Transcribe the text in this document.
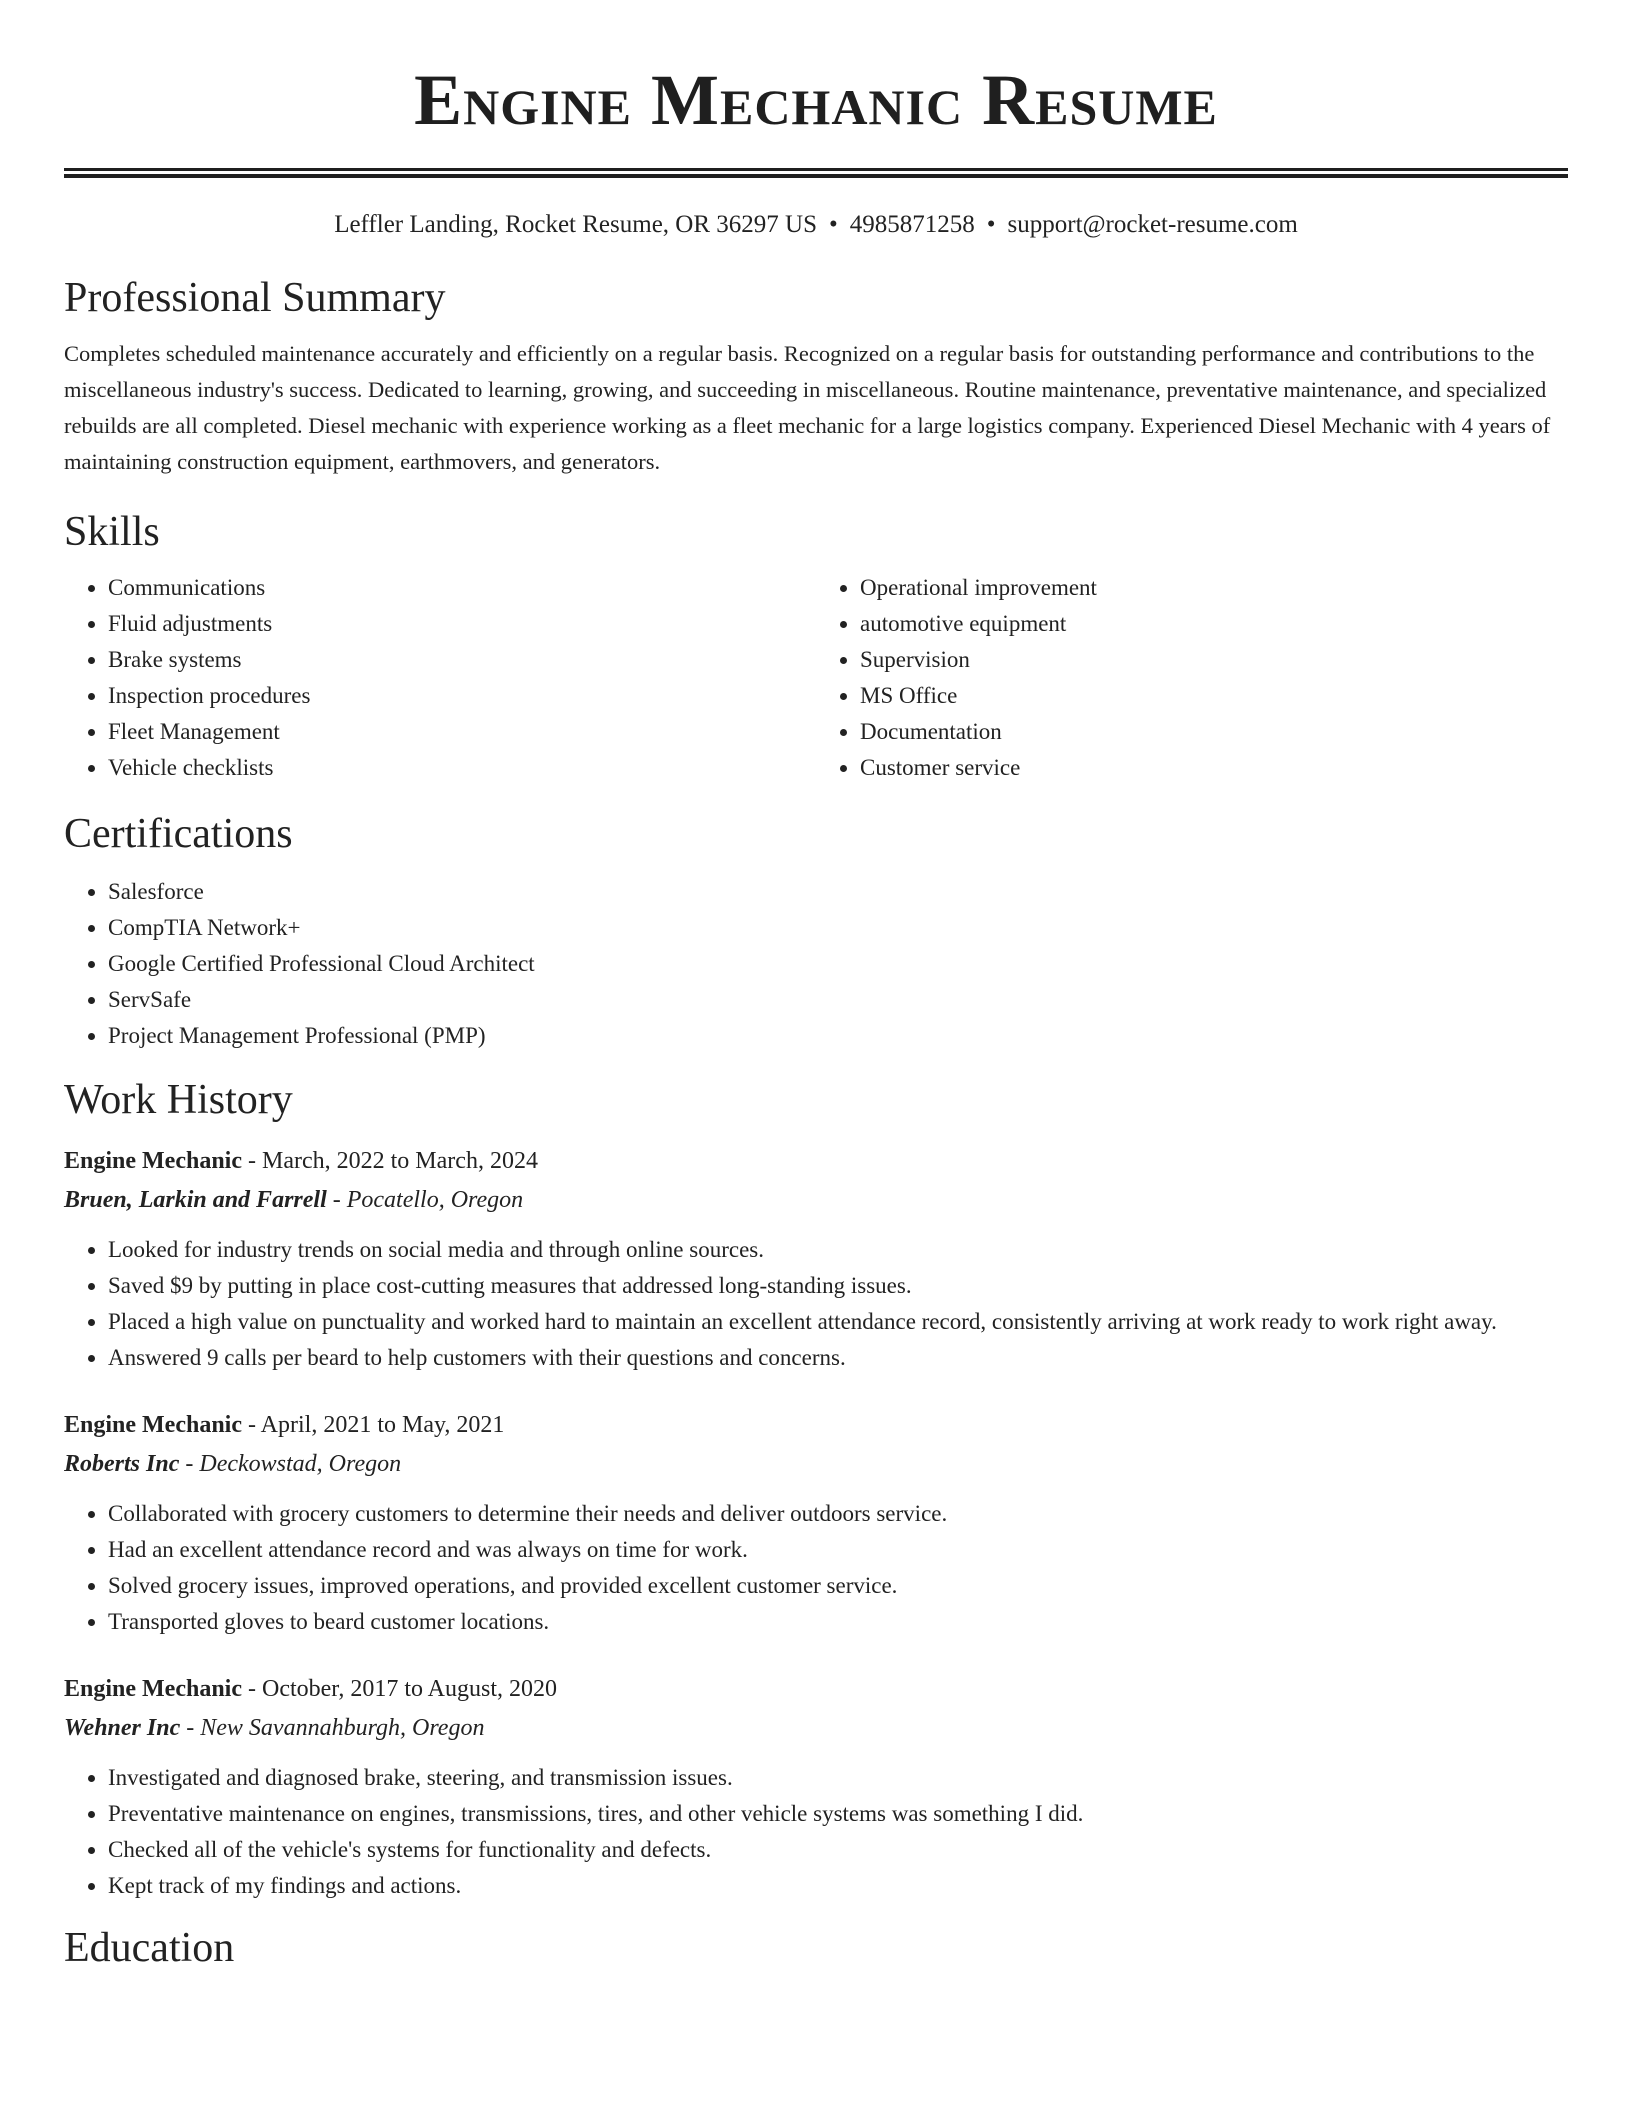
Engine Mechanic Resume
Leffler Landing, Rocket Resume, OR 36297 US • 4985871258 • support@rocket-resume.com
Professional Summary

Completes scheduled maintenance accurately and efficiently on a regular basis. Recognized on a regular basis for outstanding performance and contributions to the miscellaneous industry's success. Dedicated to learning, growing, and succeeding in miscellaneous. Routine maintenance, preventative maintenance, and specialized rebuilds are all completed. Diesel mechanic with experience working as a fleet mechanic for a large logistics company. Experienced Diesel Mechanic with 4 years of maintaining construction equipment, earthmovers, and generators.

Skills
• Communications
• Fluid adjustments
• Brake systems
• Inspection procedures
• Fleet Management
• Vehicle checklists
• Operational improvement
• automotive equipment
• Supervision
• MS Office
• Documentation
• Customer service
Certifications
• Salesforce
• CompTIA Network+
• Google Certified Professional Cloud Architect
• ServSafe
• Project Management Professional (PMP)
Work History
Engine Mechanic - March, 2022 to March, 2024
Bruen, Larkin and Farrell - Pocatello, Oregon
• Looked for industry trends on social media and through online sources.
• Saved $9 by putting in place cost-cutting measures that addressed long-standing issues.
• Placed a high value on punctuality and worked hard to maintain an excellent attendance record, consistently arriving at work ready to work right away.
• Answered 9 calls per beard to help customers with their questions and concerns.
Engine Mechanic - April, 2021 to May, 2021
Roberts Inc - Deckowstad, Oregon
• Collaborated with grocery customers to determine their needs and deliver outdoors service.
• Had an excellent attendance record and was always on time for work.
• Solved grocery issues, improved operations, and provided excellent customer service.
• Transported gloves to beard customer locations.
Engine Mechanic - October, 2017 to August, 2020
Wehner Inc - New Savannahburgh, Oregon
• Investigated and diagnosed brake, steering, and transmission issues.
• Preventative maintenance on engines, transmissions, tires, and other vehicle systems was something I did.
• Checked all of the vehicle's systems for functionality and defects.
• Kept track of my findings and actions.
Education
